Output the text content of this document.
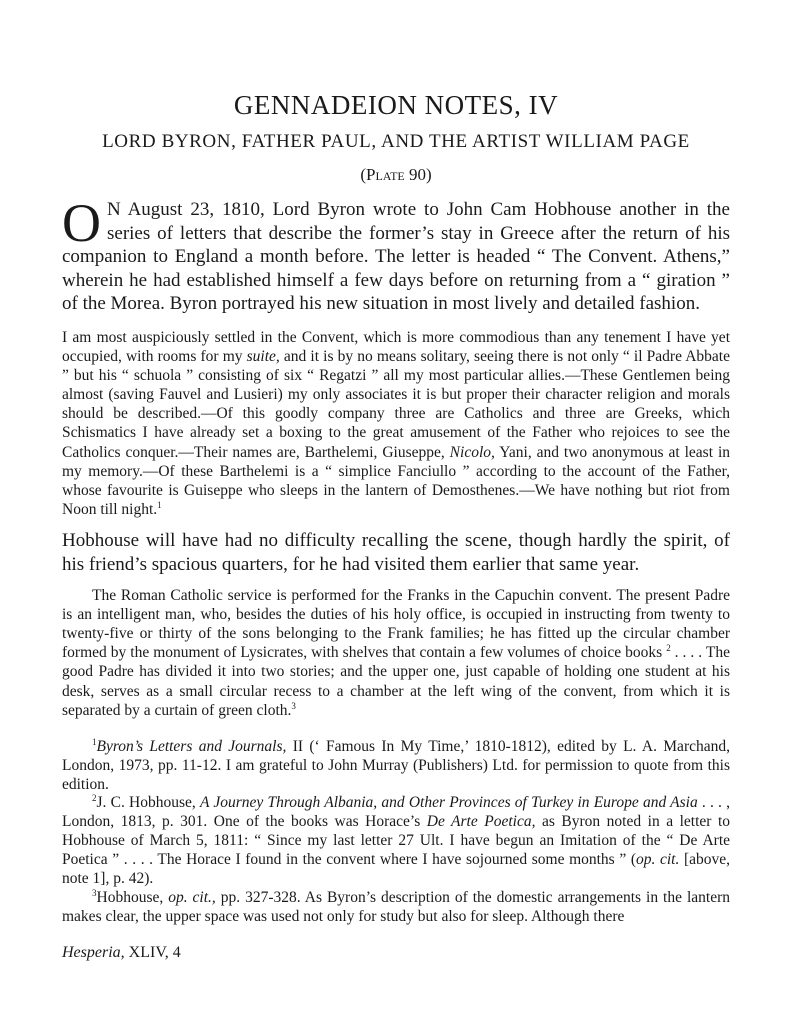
GENNADEION NOTES, IV

LORD BYRON, FATHER PAUL, AND THE ARTIST WILLIAM PAGE

(Plate 90)

O N August 23, 1810, Lord Byron wrote to John Cam Hobhouse another in the series of letters that describe the former’s stay in Greece after the return of his companion to England a month before. The letter is headed “ The Convent. Athens,” wherein he had established himself a few days before on returning from a “ giration ” of the Morea. Byron portrayed his new situation in most lively and detailed fashion.

I am most auspiciously settled in the Convent, which is more commodious than any tenement I have yet occupied, with rooms for my suite, and it is by no means solitary, seeing there is not only “ il Padre Abbate ” but his “ schuola ” consisting of six “ Regatzi ” all my most particular allies.—These Gentlemen being almost (saving Fauvel and Lusieri) my only associates it is but proper their character religion and morals should be described.—Of this goodly company three are Catholics and three are Greeks, which Schismatics I have already set a boxing to the great amusement of the Father who rejoices to see the Catholics conquer.—Their names are, Barthelemi, Giuseppe, Nicolo, Yani, and two anonymous at least in my memory.—Of these Barthelemi is a “ simplice Fanciullo ” according to the account of the Father, whose favourite is Guiseppe who sleeps in the lantern of Demosthenes.—We have nothing but riot from Noon till night.$^1$

Hobhouse will have had no difficulty recalling the scene, though hardly the spirit, of his friend’s spacious quarters, for he had visited them earlier that same year.

The Roman Catholic service is performed for the Franks in the Capuchin convent. The present Padre is an intelligent man, who, besides the duties of his holy office, is occupied in instructing from twenty to twenty-five or thirty of the sons belonging to the Frank families; he has fitted up the circular chamber formed by the monument of Lysicrates, with shelves that contain a few volumes of choice books $^2$ . . . . The good Padre has divided it into two stories; and the upper one, just capable of holding one student at his desk, serves as a small circular recess to a chamber at the left wing of the convent, from which it is separated by a curtain of green cloth.$^3$

$^1$Byron’s Letters and Journals, II (‘ Famous In My Time,’ 1810-1812), edited by L. A. Marchand, London, 1973, pp. 11-12. I am grateful to John Murray (Publishers) Ltd. for permission to quote from this edition.

$^2$J. C. Hobhouse, A Journey Through Albania, and Other Provinces of Turkey in Europe and Asia . . . , London, 1813, p. 301. One of the books was Horace’s De Arte Poetica, as Byron noted in a letter to Hobhouse of March 5, 1811: “ Since my last letter 27 Ult. I have begun an Imitation of the “ De Arte Poetica ” . . . . The Horace I found in the convent where I have sojourned some months ” (op. cit. [above, note 1], p. 42).

$^3$Hobhouse, op. cit., pp. 327-328. As Byron’s description of the domestic arrangements in the lantern makes clear, the upper space was used not only for study but also for sleep. Although there

Hesperia, XLIV, 4
